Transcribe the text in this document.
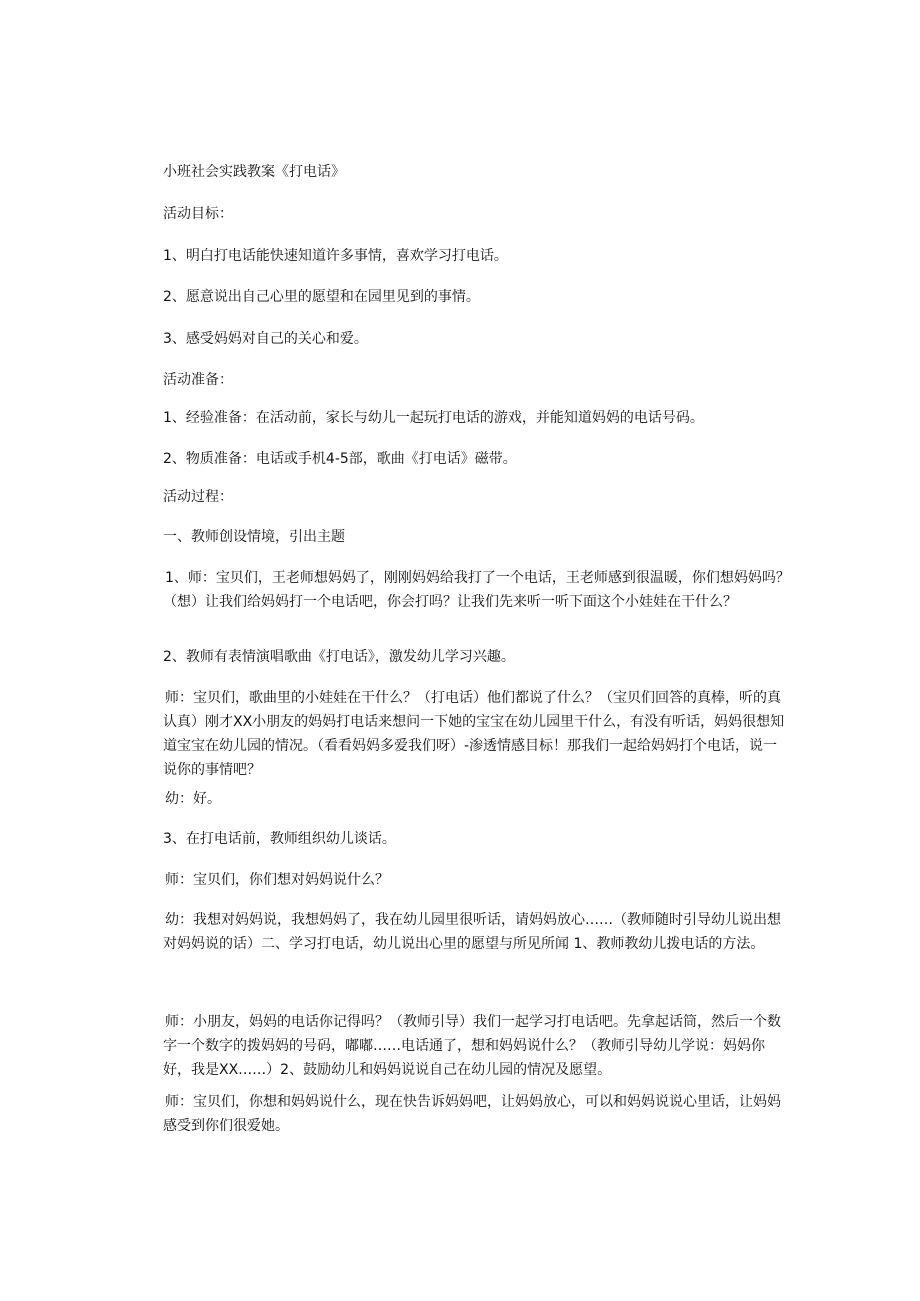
小班社会实践教案《打电话》

活动目标：

1、明白打电话能快速知道许多事情，喜欢学习打电话。

2、愿意说出自己心里的愿望和在园里见到的事情。

3、感受妈妈对自己的关心和爱。

活动准备：

1、经验准备：在活动前，家长与幼儿一起玩打电话的游戏，并能知道妈妈的电话号码。

2、物质准备：电话或手机4-5部，歌曲《打电话》磁带。

活动过程：

一、教师创设情境，引出主题

1、师：宝贝们，王老师想妈妈了，刚刚妈妈给我打了一个电话，王老师感到很温暖，你们想妈妈吗？（想）让我们给妈妈打一个电话吧，你会打吗？让我们先来听一听下面这个小娃娃在干什么？

2、教师有表情演唱歌曲《打电话》，激发幼儿学习兴趣。

师：宝贝们，歌曲里的小娃娃在干什么？（打电话）他们都说了什么？（宝贝们回答的真棒，听的真认真）刚才XX小朋友的妈妈打电话来想问一下她的宝宝在幼儿园里干什么，有没有听话，妈妈很想知道宝宝在幼儿园的情况。（看看妈妈多爱我们呀）-渗透情感目标！那我们一起给妈妈打个电话，说一说你的事情吧？

幼：好。

3、在打电话前，教师组织幼儿谈话。

师：宝贝们，你们想对妈妈说什么？

幼：我想对妈妈说，我想妈妈了，我在幼儿园里很听话，请妈妈放心……（教师随时引导幼儿说出想对妈妈说的话）二、学习打电话，幼儿说出心里的愿望与所见所闻 1、教师教幼儿拨电话的方法。

师：小朋友，妈妈的电话你记得吗？（教师引导）我们一起学习打电话吧。先拿起话筒，然后一个数字一个数字的拨妈妈的号码，嘟嘟……电话通了，想和妈妈说什么？（教师引导幼儿学说：妈妈你好，我是XX……）2、鼓励幼儿和妈妈说说自己在幼儿园的情况及愿望。

师：宝贝们，你想和妈妈说什么，现在快告诉妈妈吧，让妈妈放心，可以和妈妈说说心里话，让妈妈感受到你们很爱她。
